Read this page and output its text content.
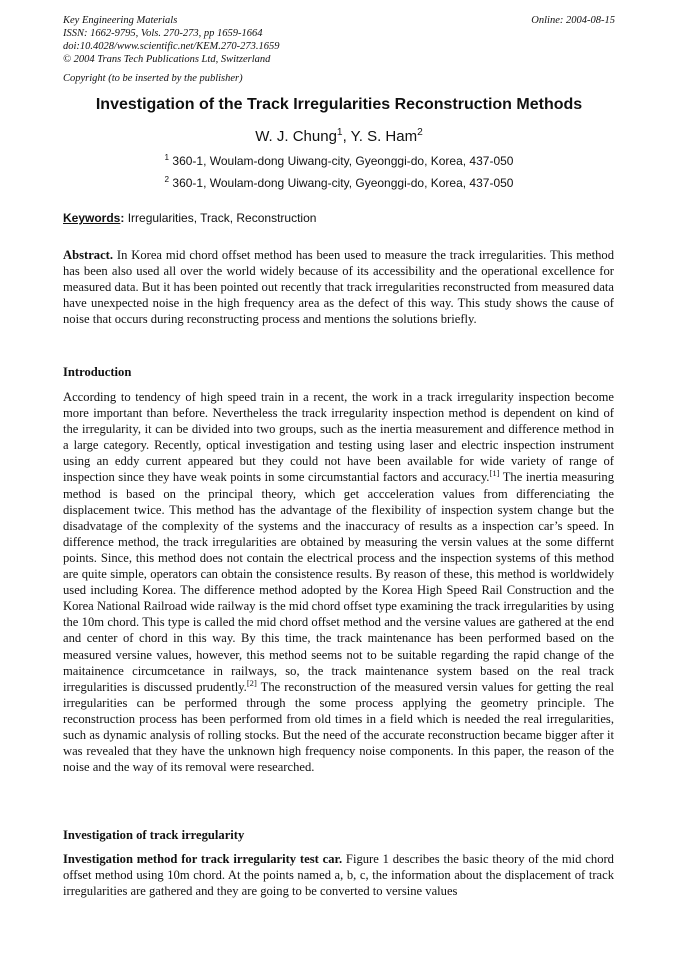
Key Engineering Materials
ISSN: 1662-9795, Vols. 270-273, pp 1659-1664
doi:10.4028/www.scientific.net/KEM.270-273.1659
© 2004 Trans Tech Publications Ltd, Switzerland
Online: 2004-08-15
Copyright (to be inserted by the publisher)
Investigation of the Track Irregularities Reconstruction Methods
W. J. Chung$^1$, Y. S. Ham$^2$
$^1$ 360-1, Woulam-dong Uiwang-city, Gyeonggi-do, Korea, 437-050
$^2$ 360-1, Woulam-dong Uiwang-city, Gyeonggi-do, Korea, 437-050
Keywords: Irregularities, Track, Reconstruction
Abstract. In Korea mid chord offset method has been used to measure the track irregularities. This method has been also used all over the world widely because of its accessibility and the operational excellence for measured data. But it has been pointed out recently that track irregularities reconstructed from measured data have unexpected noise in the high frequency area as the defect of this way. This study shows the cause of noise that occurs during reconstructing process and mentions the solutions briefly.
Introduction
According to tendency of high speed train in a recent, the work in a track irregularity inspection become more important than before. Nevertheless the track irregularity inspection method is dependent on kind of the irregularity, it can be divided into two groups, such as the inertia measurement and difference method in a large category. Recently, optical investigation and testing using laser and electric inspection instrument using an eddy current appeared but they could not have been available for wide variety of range of inspection since they have weak points in some circumstantial factors and accuracy.[1] The inertia measuring method is based on the principal theory, which get accceleration values from differenciating the displacement twice. This method has the advantage of the flexibility of inspection system change but the disadvatage of the complexity of the systems and the inaccuracy of results as a inspection car’s speed. In difference method, the track irregularities are obtained by measuring the versin values at the some differnt points. Since, this method does not contain the electrical process and the inspection systems of this method are quite simple, operators can obtain the consistence results. By reason of these, this method is worldwidely used including Korea. The difference method adopted by the Korea High Speed Rail Construction and the Korea National Railroad wide railway is the mid chord offset type examining the track irregularities by using the 10m chord. This type is called the mid chord offset method and the versine values are gathered at the end and center of chord in this way. By this time, the track maintenance has been performed based on the measured versine values, however, this method seems not to be suitable regarding the rapid change of the maitainence circumcetance in railways, so, the track maintenance system based on the real track irregularities is discussed prudently.[2] The reconstruction of the measured versin values for getting the real irregularities can be performed through the some process applying the geometry principle. The reconstruction process has been performed from old times in a field which is needed the real irregularities, such as dynamic analysis of rolling stocks. But the need of the accurate reconstruction became bigger after it was revealed that they have the unknown high frequency noise components. In this paper, the reason of the noise and the way of its removal were researched.
Investigation of track irregularity
Investigation method for track irregularity test car. Figure 1 describes the basic theory of the mid chord offset method using 10m chord. At the points named a, b, c, the information about the displacement of track irregularities are gathered and they are going to be converted to versine values
